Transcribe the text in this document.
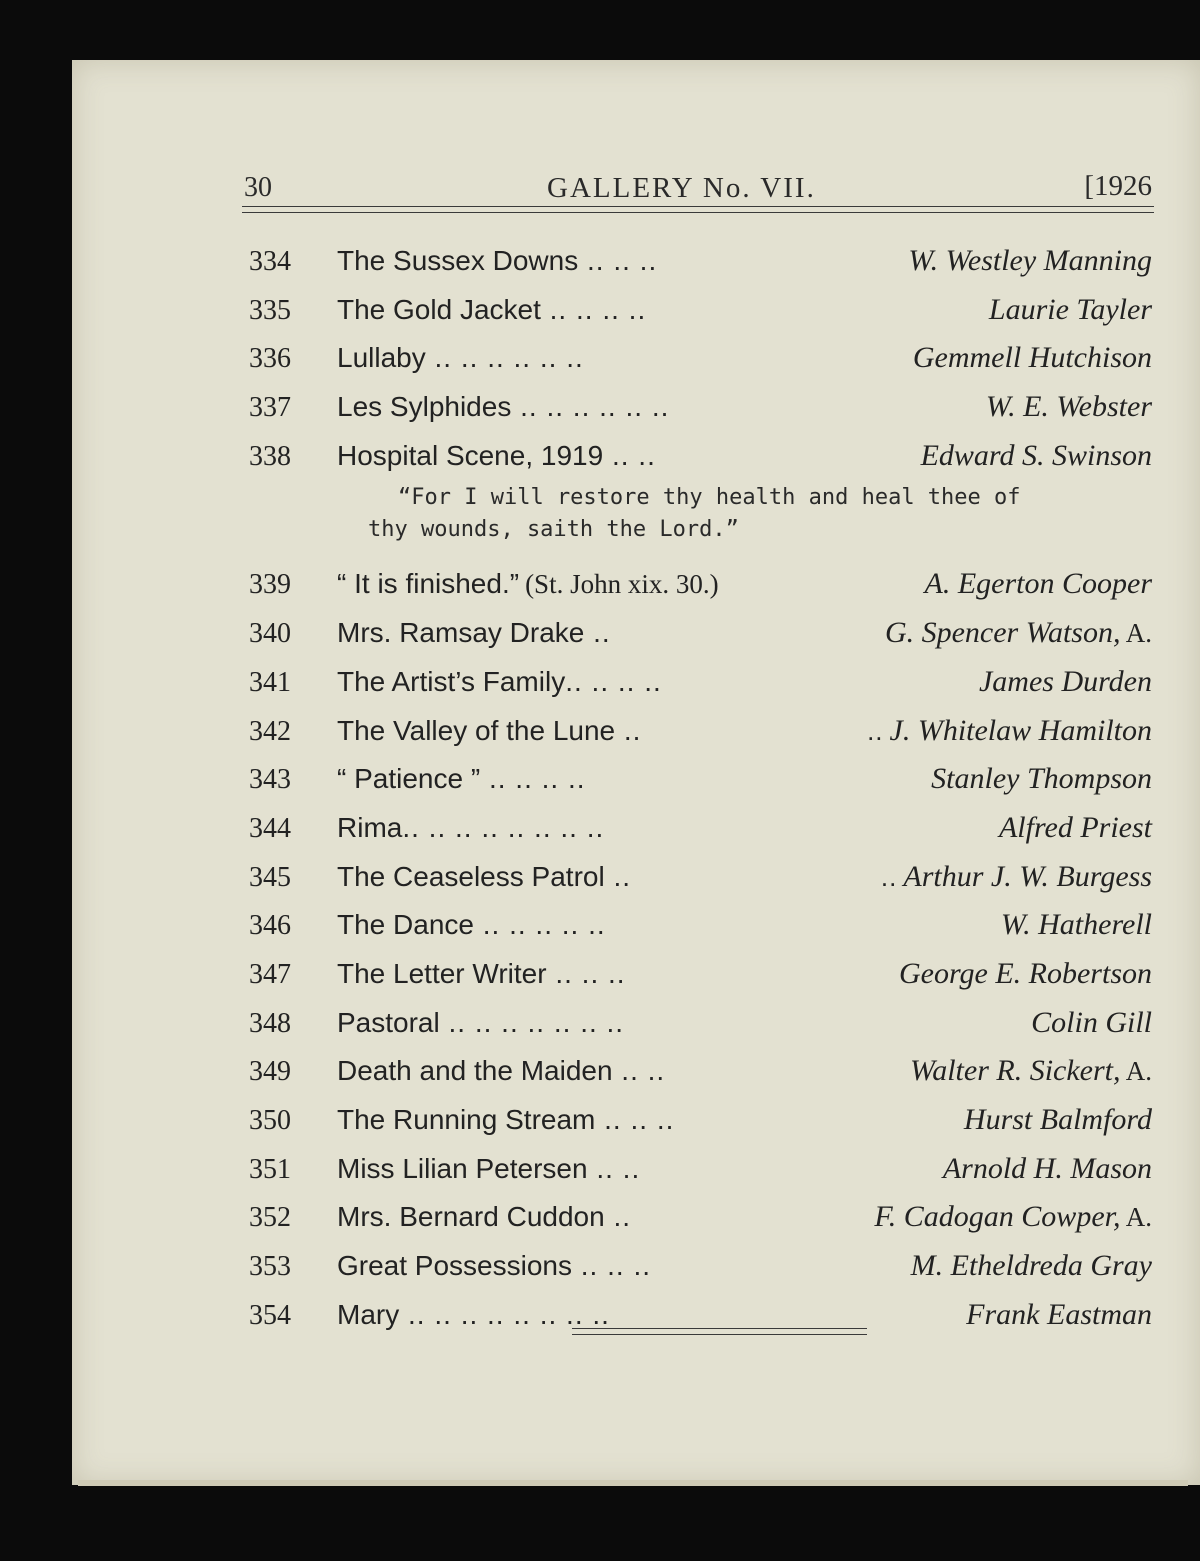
30	GALLERY No. VII.	[1926
334 The Sussex Downs .. .. ..	W. Westley Manning
335 The Gold Jacket .. .. .. ..	Laurie Tayler
336 Lullaby .. .. .. .. .. ..	Gemmell Hutchison
337 Les Sylphides .. .. .. .. .. ..	W. E. Webster
338 Hospital Scene, 1919 .. ..	Edward S. Swinson
“For I will restore thy health and heal thee of
thy wounds, saith the Lord.”
339 “ It is finished.” (St. John xix. 30.)	A. Egerton Cooper
340 Mrs. Ramsay Drake ..	G. Spencer Watson, A.
341 The Artist’s Family.. .. .. ..	James Durden
342 The Valley of the Lune ..	.. J. Whitelaw Hamilton
343 “ Patience ” .. .. .. ..	Stanley Thompson
344 Rima.. .. .. .. .. .. .. ..	Alfred Priest
345 The Ceaseless Patrol ..	.. Arthur J. W. Burgess
346 The Dance .. .. .. .. ..	W. Hatherell
347 The Letter Writer .. .. ..	George E. Robertson
348 Pastoral .. .. .. .. .. .. ..	Colin Gill
349 Death and the Maiden .. ..	Walter R. Sickert, A.
350 The Running Stream .. .. ..	Hurst Balmford
351 Miss Lilian Petersen .. ..	Arnold H. Mason
352 Mrs. Bernard Cuddon ..	F. Cadogan Cowper, A.
353 Great Possessions .. .. ..	M. Etheldreda Gray
354 Mary .. .. .. .. .. .. .. ..	Frank Eastman
